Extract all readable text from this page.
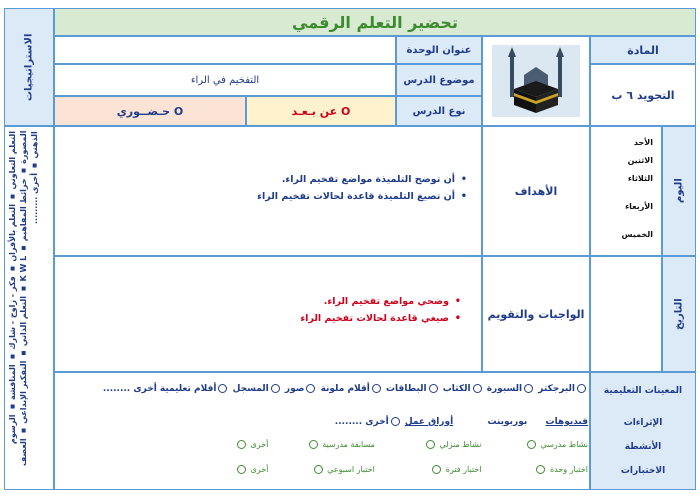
تحضير التعلم الرقمي
الاستراتيجيات
التعلم التعاوني ▪ التعلم بالأقران ▪ فكر - زاوج - شارك ▪ المناقشة ▪ الرسوم المصورة ▪ خرائط المفاهيم ▪ K W L ▪ التعلم الذاتي ▪ التفكير الإبداعي ▪ العصف الذهني ▪ أخرى .........
عنوان الوحدة
التفخيم في الراء	موضوع الدرس
حـضــوري O	عن بـعـد O	نوع الدرس
المادة
التجويد ٦ ب
• أن توضح التلميذة مواضع تفخيم الراء.
• أن تصيغ التلميذة قاعدة لحالات تفخيم الراء	الأهداف
الأحد
الاثنين
الثلاثاء
الأربعاء
الخميس
اليوم
• وضحي مواضع تفخيم الراء.
• صيغي قاعدة لحالات تفخيم الراء	الواجبات والتقويم	التاريخ
المعينات التعليمية
البرجكتر السبورة الكتاب البطاقات أقلام ملونة صور المسجل أفلام تعليمية أخرى ........
الإثراءات
فيديوهات  بوربوينت  أوراق عمل أخرى ........
الأنشطة
نشاط مدرسي  نشاط منزلي  مسابقة مدرسية  أخرى
الاختبارات
اختبار وحدة  اختبار فترة  اختبار اسبوعي  أخرى
